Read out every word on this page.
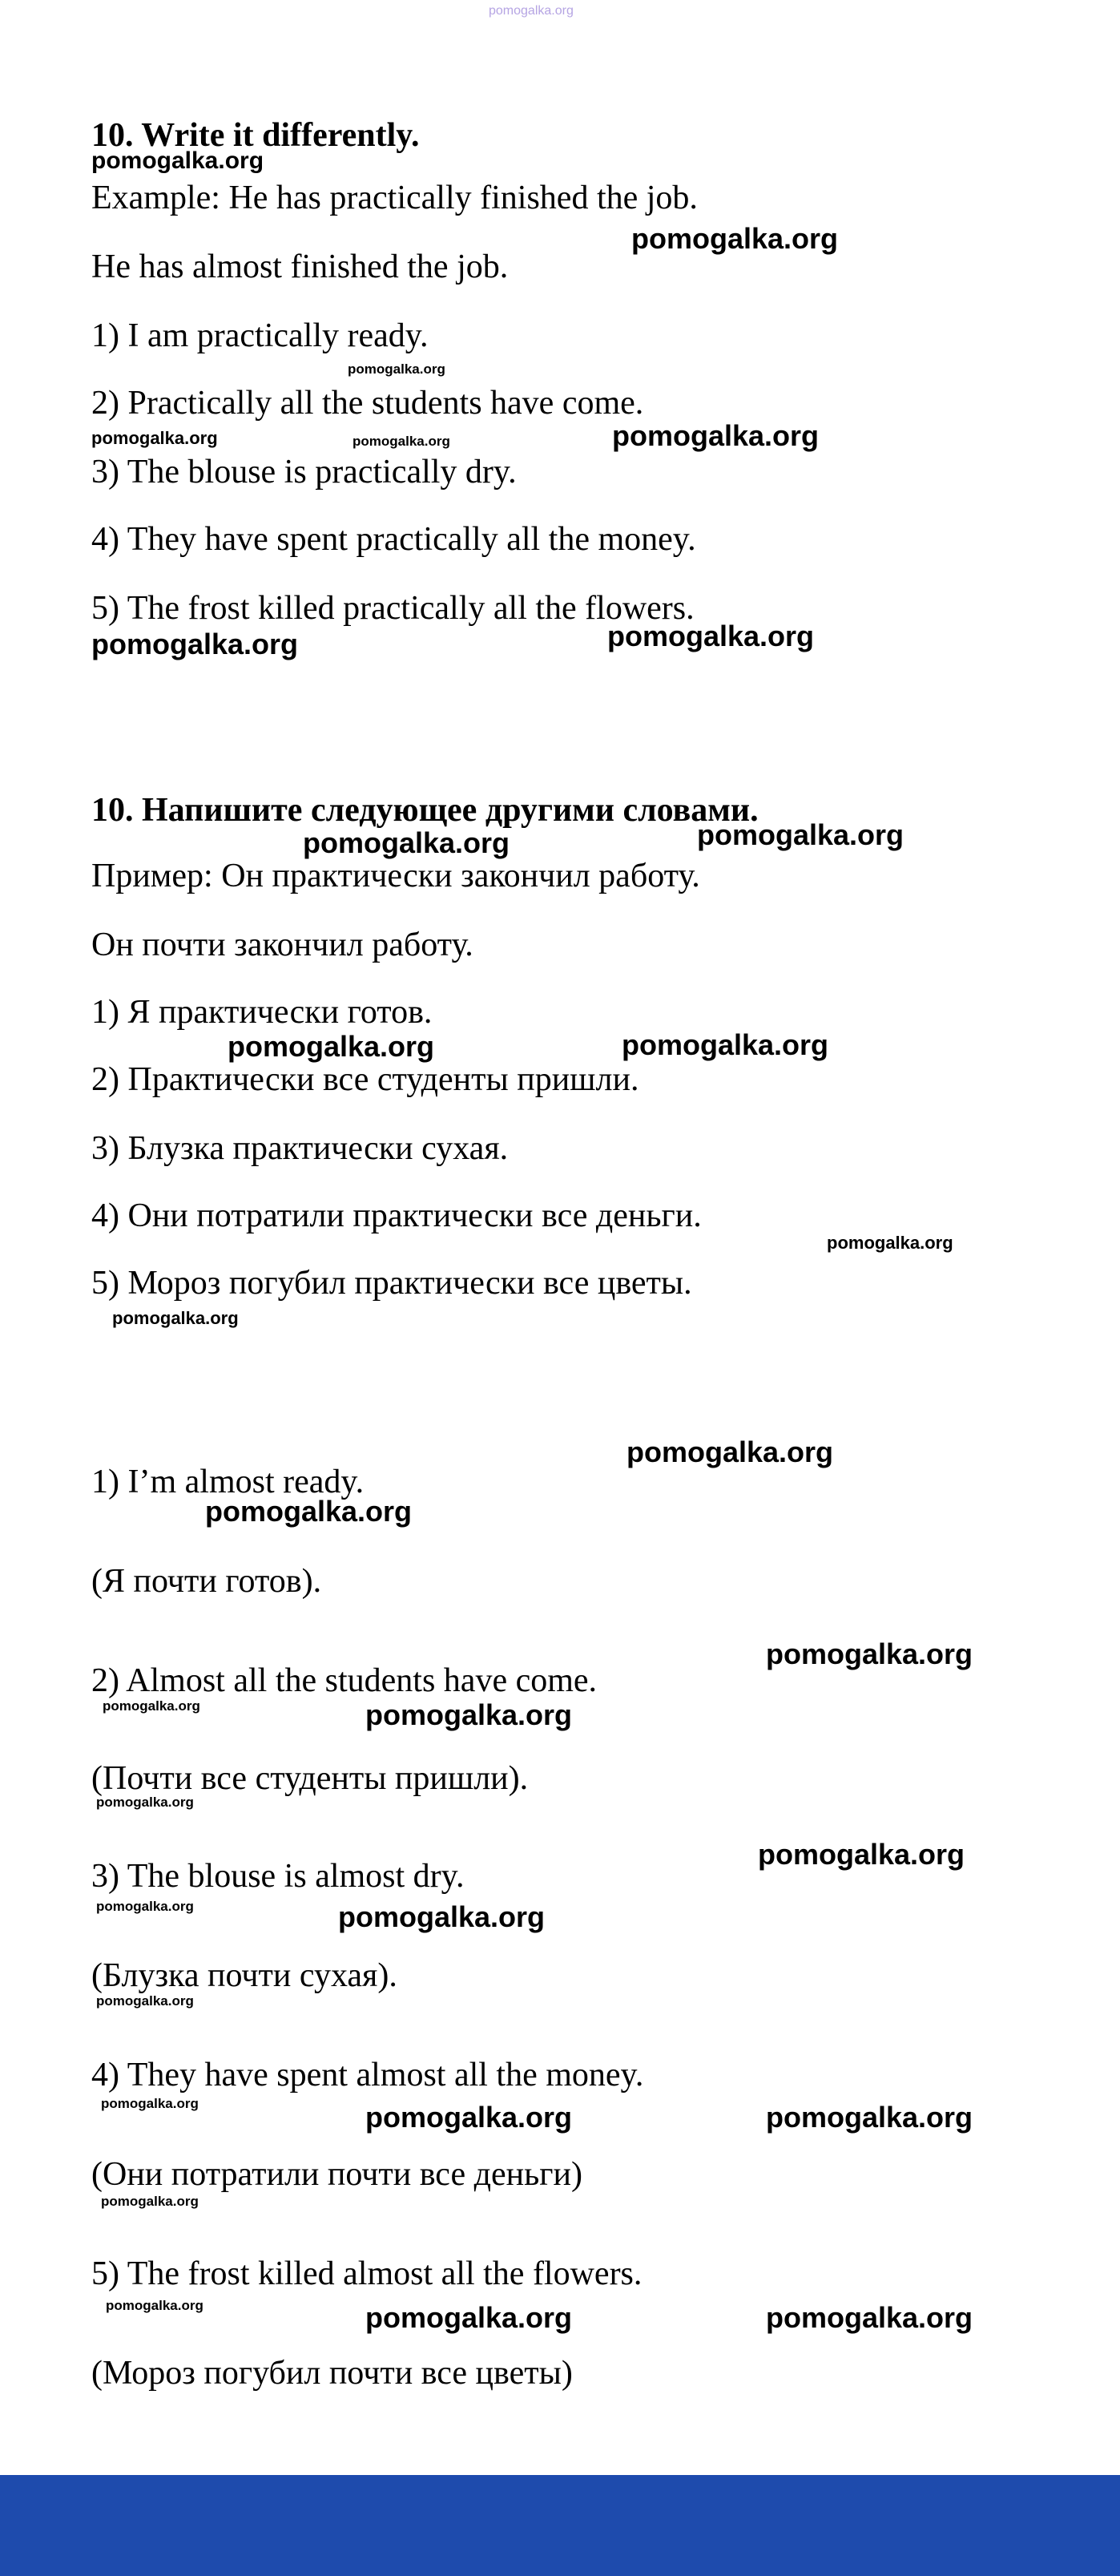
pomogalka.org
pomogalka.org
pomogalka.org
pomogalka.org
pomogalka.org	pomogalka.org	pomogalka.org
pomogalka.org	pomogalka.org
pomogalka.org	pomogalka.org
pomogalka.org	pomogalka.org
pomogalka.org
pomogalka.org
pomogalka.org
pomogalka.org
pomogalka.org
pomogalka.org	pomogalka.org
pomogalka.org
pomogalka.org
pomogalka.org	pomogalka.org
pomogalka.org
pomogalka.org	pomogalka.org	pomogalka.org
pomogalka.org
pomogalka.org	pomogalka.org	pomogalka.org
10. Write it differently.
Example: He has practically finished the job.
He has almost finished the job.
1) I am practically ready.
2) Practically all the students have come.
3) The blouse is practically dry.
4) They have spent practically all the money.
5) The frost killed practically all the flowers.
10. Напишите следующее другими словами.
Пример: Он практически закончил работу.
Он почти закончил работу.
1) Я практически готов.
2) Практически все студенты пришли.
3) Блузка практически сухая.
4) Они потратили практически все деньги.
5) Мороз погубил практически все цветы.
1) I’m almost ready.
(Я почти готов).
2) Almost all the students have come.
(Почти все студенты пришли).
3) The blouse is almost dry.
(Блузка почти сухая).
4) They have spent almost all the money.
(Они потратили почти все деньги)
5) The frost killed almost all the flowers.
(Мороз погубил почти все цветы)
